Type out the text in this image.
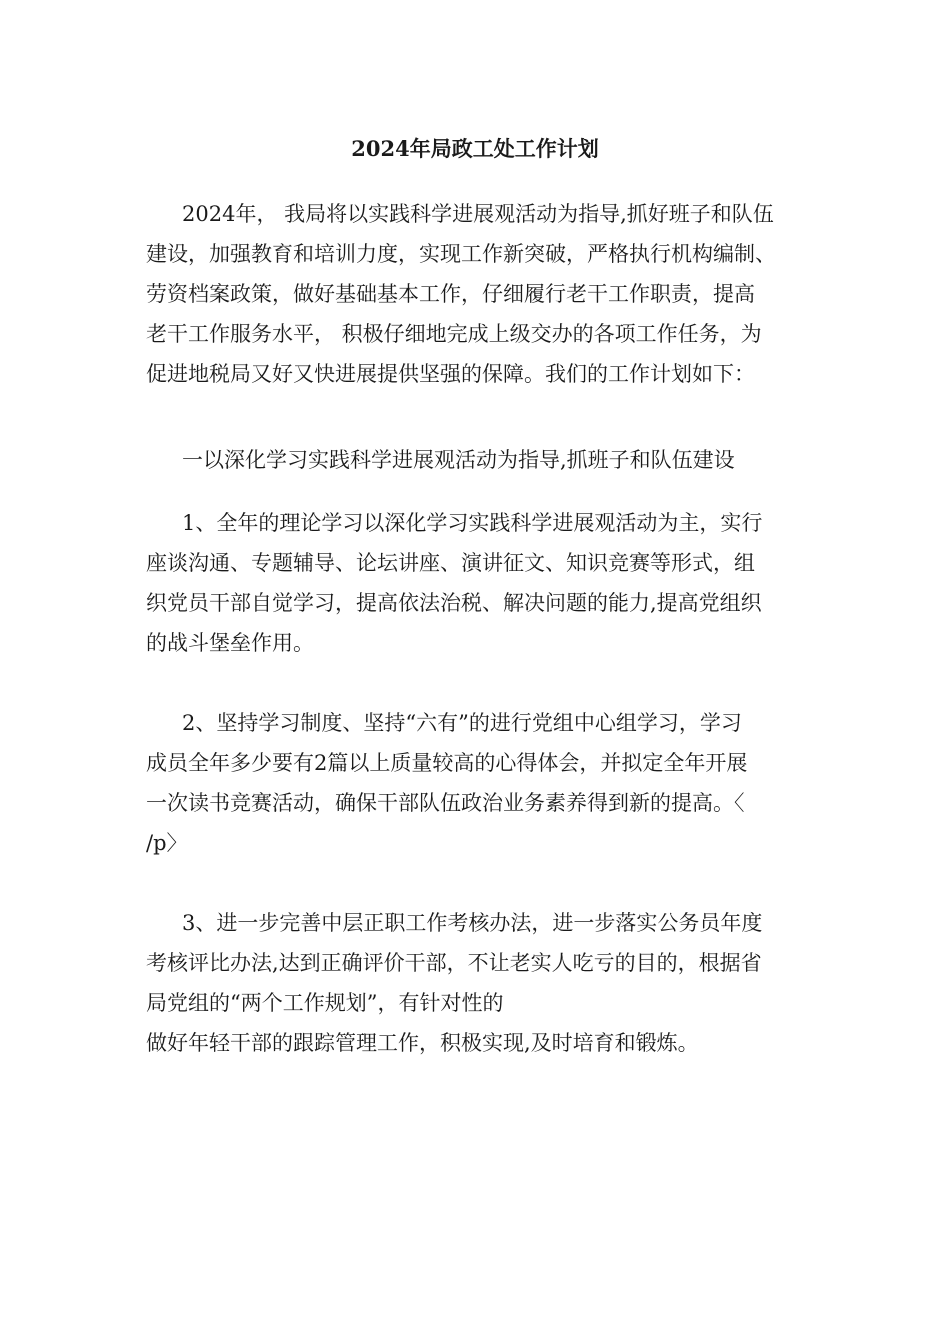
2024年局政工处工作计划
2024年， 我局将以实践科学进展观活动为指导,抓好班子和队伍
建设，加强教育和培训力度，实现工作新突破，严格执行机构编制、
劳资档案政策，做好基础基本工作，仔细履行老干工作职责，提高
老干工作服务水平， 积极仔细地完成上级交办的各项工作任务，为
促进地税局又好又快进展提供坚强的保障。我们的工作计划如下：
一以深化学习实践科学进展观活动为指导,抓班子和队伍建设
1、全年的理论学习以深化学习实践科学进展观活动为主，实行
座谈沟通、专题辅导、论坛讲座、演讲征文、知识竞赛等形式，组
织党员干部自觉学习，提高依法治税、解决问题的能力,提高党组织
的战斗堡垒作用。
2、坚持学习制度、坚持“六有”的进行党组中心组学习，学习
成员全年多少要有2篇以上质量较高的心得体会，并拟定全年开展
一次读书竞赛活动，确保干部队伍政治业务素养得到新的提高。〈
/p〉
3、进一步完善中层正职工作考核办法，进一步落实公务员年度
考核评比办法,达到正确评价干部，不让老实人吃亏的目的，根据省
局党组的“两个工作规划”，有针对性的
做好年轻干部的跟踪管理工作，积极实现,及时培育和锻炼。
